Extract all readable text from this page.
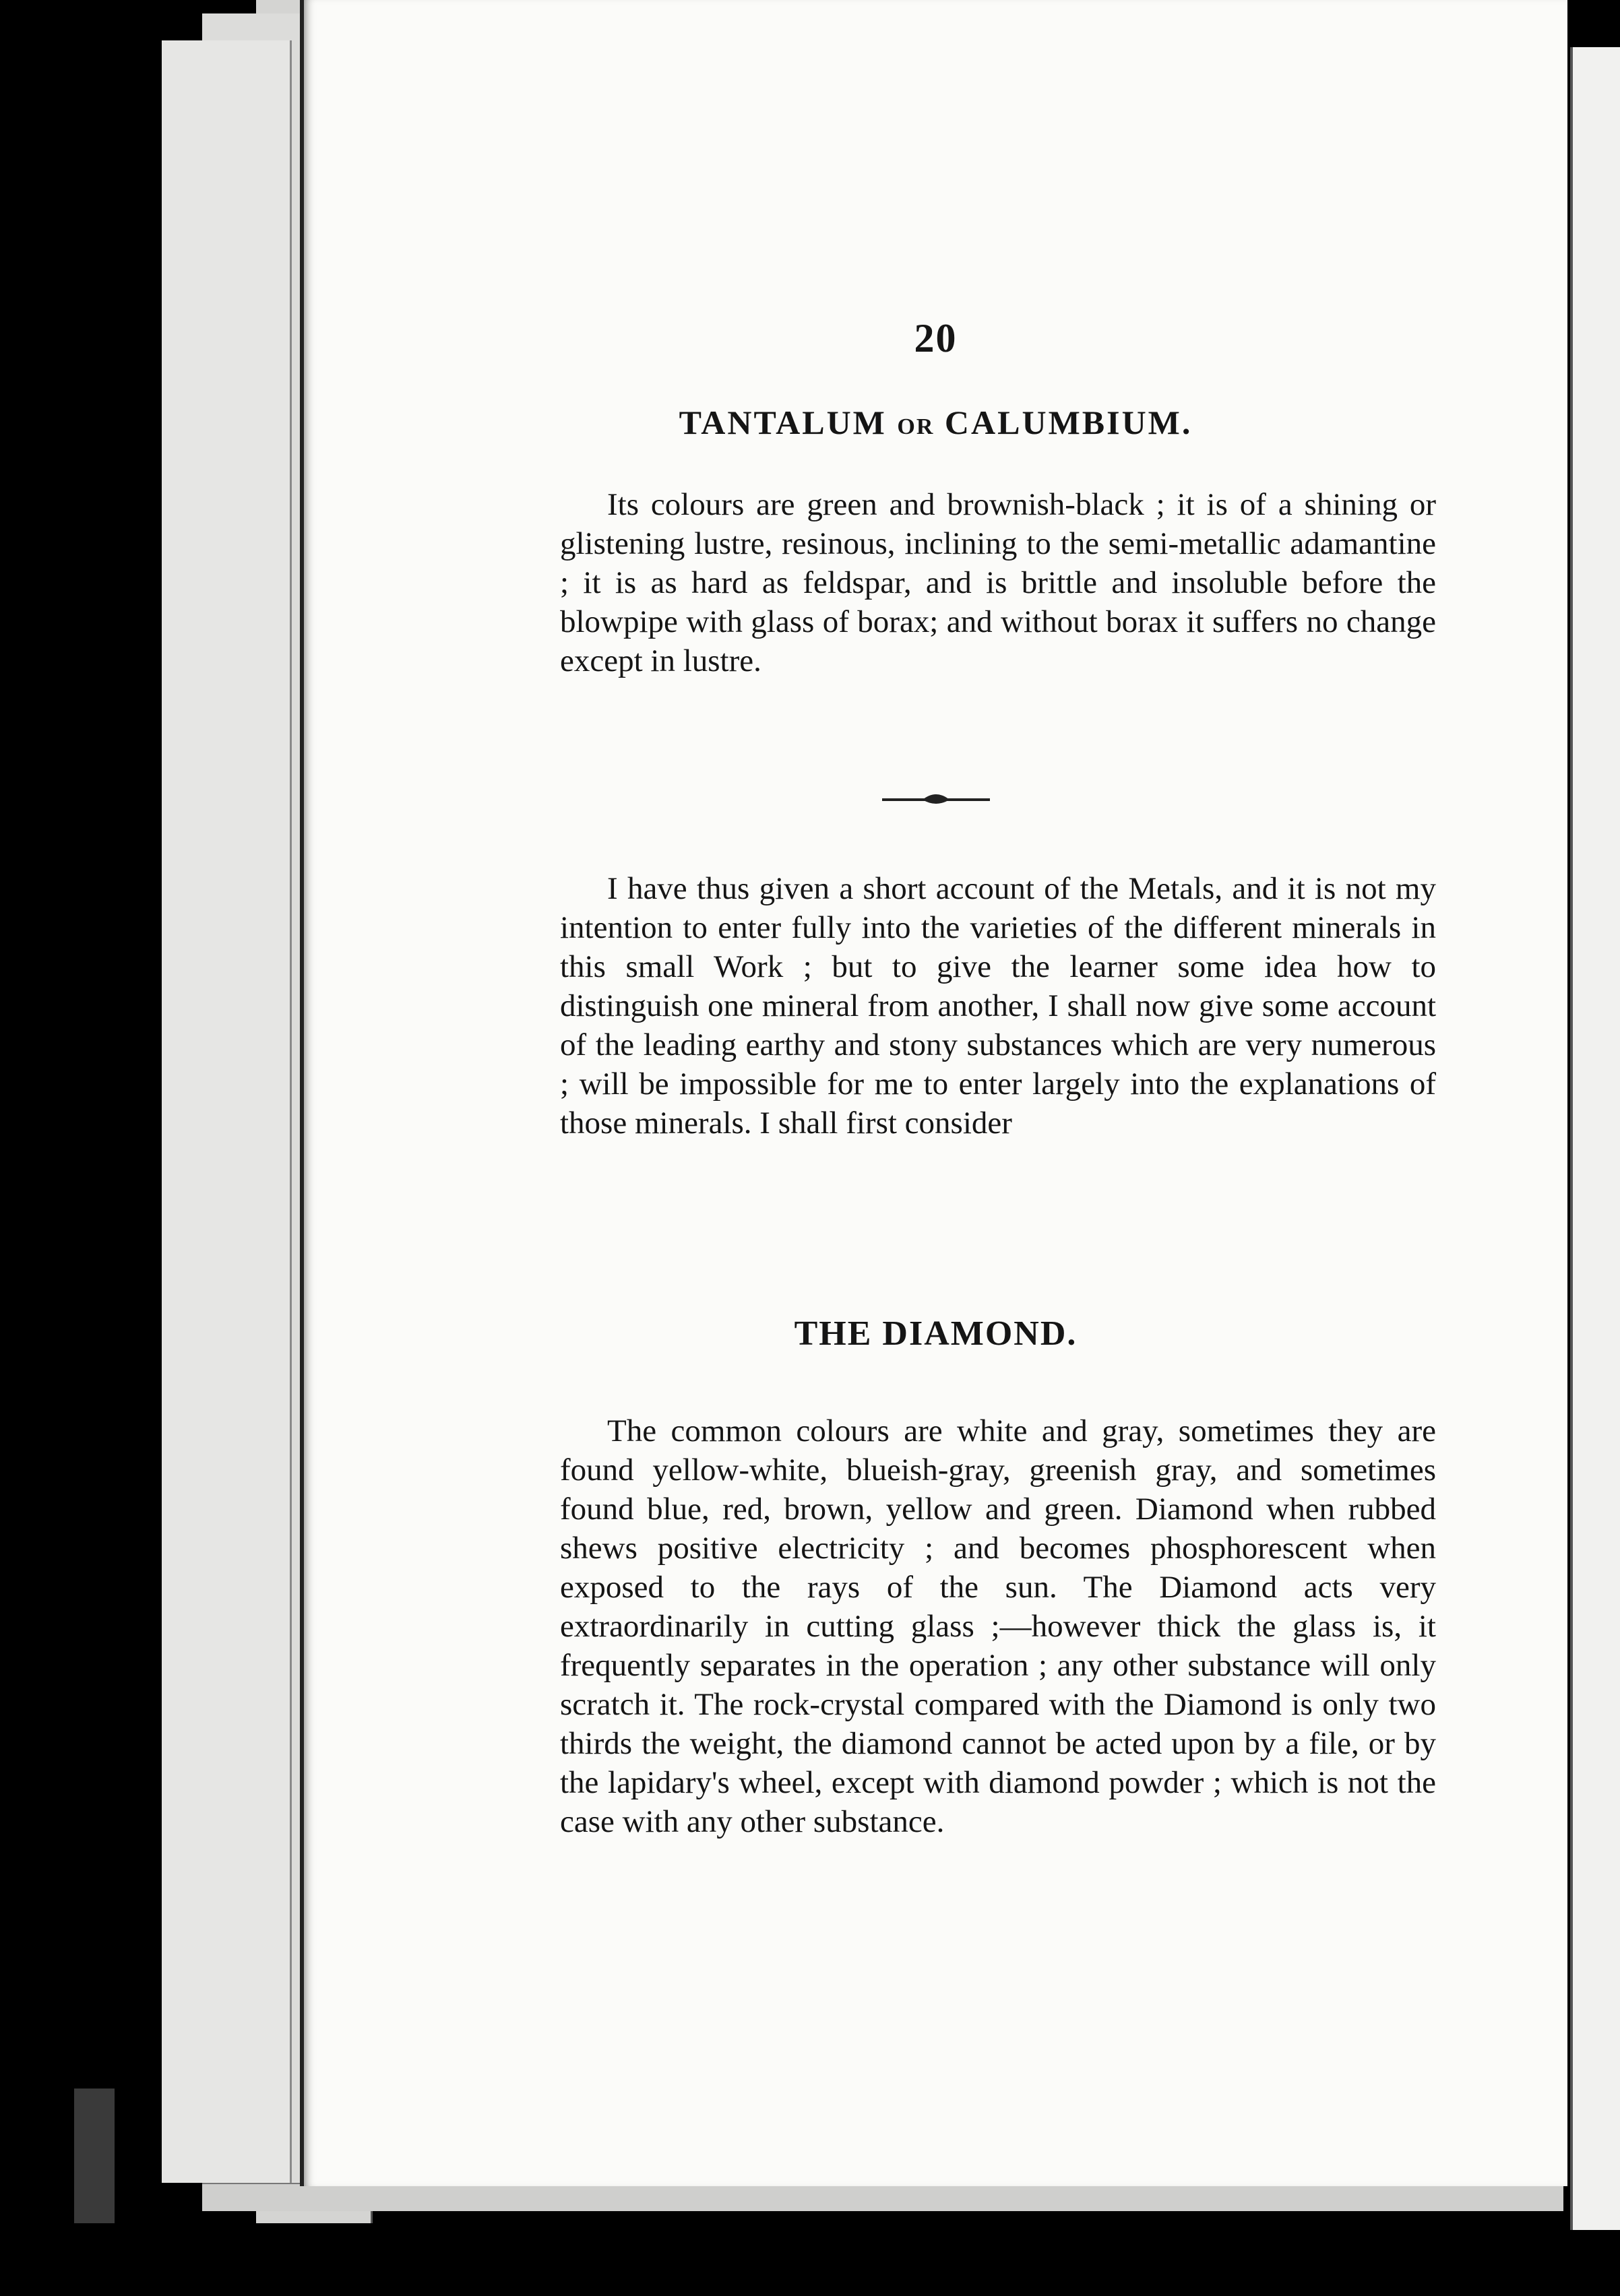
20
TANTALUM OR CALUMBIUM.

Its colours are green and brownish-black ; it is of a shining or glistening lustre, resinous, inclining to the semi-metallic adamantine ; it is as hard as feldspar, and is brittle and insoluble before the blowpipe with glass of borax; and without borax it suffers no change except in lustre.

I have thus given a short account of the Metals, and it is not my intention to enter fully into the varieties of the different minerals in this small Work ; but to give the learner some idea how to distinguish one mineral from another, I shall now give some account of the leading earthy and stony substances which are very numerous ; will be impossible for me to enter largely into the explanations of those minerals. I shall first consider

THE DIAMOND.

The common colours are white and gray, sometimes they are found yellow-white, blueish-gray, greenish gray, and sometimes found blue, red, brown, yellow and green. Diamond when rubbed shews positive electricity ; and becomes phosphorescent when exposed to the rays of the sun. The Diamond acts very extraordinarily in cutting glass ;—however thick the glass is, it frequently separates in the operation ; any other substance will only scratch it. The rock-crystal compared with the Diamond is only two thirds the weight, the diamond cannot be acted upon by a file, or by the lapidary's wheel, except with diamond powder ; which is not the case with any other substance.
